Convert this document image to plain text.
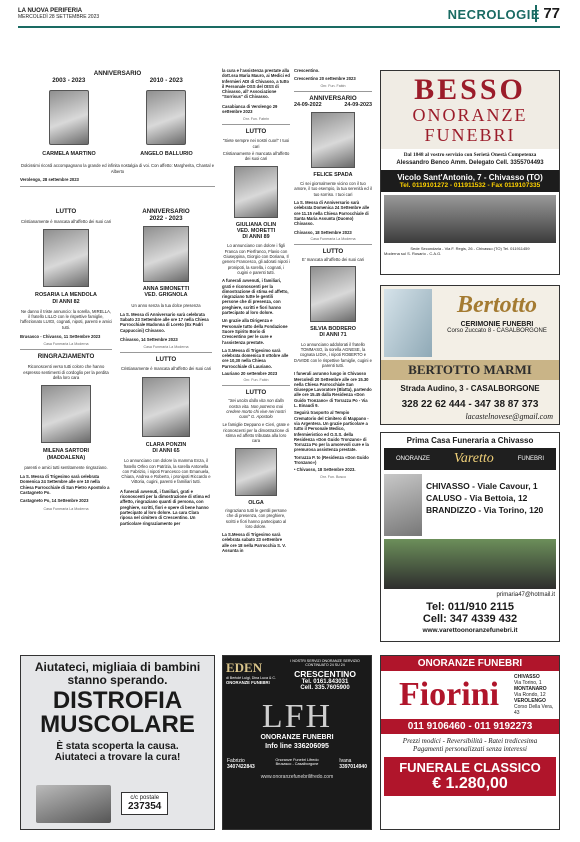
LA NUOVA PERIFERIA
MERCOLEDÌ 28 SETTEMBRE 2023	NECROLOGIE 77
ANNIVERSARIO
2003 - 2023	2010 - 2023
CARMELA MARTINO	ANGELO BALLURIO
Dolcissimi ricordi accompagnano la grande ed infinita nostalgia di voi. Con affetto: Margherita, Chantal e Alberto
Verolengo, 28 settembre 2023
LUTTO
Cristianamente è mancata all'affetto dei suoi cari
ROSARIA LA MENDOLA
DI ANNI 82
Ne danno il triste annuncio: la sorella, MIRELLA, il fratello LILLO con le rispettive famiglie, l'affezionato LUIGI, cognati, nipoti, parenti e amici tutti.
Brusasco - Chivasso, 11 Settembre 2023
Casa Funeraria La Moderna
RINGRAZIAMENTO
Riconoscenti verso tutti coloro che hanno espresso sentimenti di cordoglio per la perdita della loro cara
MILENA SARTORI
(MADDALENA)
parenti e amici tutti sentitamente ringraziano.
La S. Messa di Trigesimo sarà celebrata Domenica 24 Settembre alle ore 10 nella Chiesa Parrocchiale di San Pietro Apostolo a Castagneto Po.
Castagneto Po, 14 Settembre 2023
Casa Funeraria La Moderna
ANNIVERSARIO
2022 - 2023
ANNA SIMONETTI
VED. GRIGNOLA
Un anno senza la tua dolce presenza
La S. Messa di Anniversario sarà celebrata Sabato 23 Settembre alle ore 17 nella Chiesa Parrocchiale Madonna di Loreto (Ex Padri Cappuccini) Chivasso.
Chivasso, 14 Settembre 2023
Casa Funeraria La Moderna
LUTTO
Cristianamente è mancata all'affetto dei suoi cari
CLARA PONZIN
DI ANNI 65
Lo annunciano con dolore la mamma Enza, il fratello Orfeo con Patrizia, la sorella Antonella con Fabrizio, i nipoti Francesco con Emanuela, Chiara, Andrea e Roberto, i pronipoti Riccardo e Vittoria, cugini, parenti e familiari tutti.
A funerali avvenuti, i familiari, grati e riconoscenti per la dimostrazione di stima ed affetto, ringraziano quanti di persona, con preghiere, scritti, fiori e opere di bene hanno partecipato al loro dolore. La cara Clara riposa nel cimitero di Crescentino. Un particolare ringraziamento per
la cura e l'assistenza prestate alla dott.ssa Maria Mauro, ai Medici ed Infermieri ADI di Chivasso, a tutto il Personale OSS del OISS di Chivasso, all' Associazione "Sorrisus" di Chivasso.
Casabianca di Verolengo 29 settembre 2023
Onr. Fun. Fabrin
LUTTO
"Siete sempre nei nostri cuori" I tuoi cari
Cristianamente è mancata all'affetto dei suoi cari
GIULIANA OLIN
VED. MORETTI
DI ANNI 89
Lo annunciano con dolore i figli Franca con Pierfranco, Flavio con Giuseppina, Giorgio con Doriana, Il genero Francesco, gli adorati nipoti i pronipoti, la sorella, i cognati, i cugini e parenti tutti.
A funerali avvenuti, i familiari, grati e riconoscenti per la dimostrazione di stima ed affetto, ringraziano tutte le gentili persone che di presenza, con preghiere, scritti e fiori hanno partecipato al loro dolore.
Un grazie alla Dirigenza e Personale tutto della Fondazione Suore Spirito Borio di Crescentino per le cure e l'assistenza prestate.
La S.Messa di Trigesimo sarà celebrata domenica 8 ottobre alle ore 10,30 nella Chiesa Parrocchiale di Lauriano.
Lauriano 20 settembre 2023
Onr. Fun. Fabin
LUTTO
"Sei uscita dalla vita non dalla nostra vita. Non potremo mai credere morto chi vive nei nostri cuori" G. Apostolo
Le famiglie Deppano e Cieri, grate e riconoscenti per la dimostrazione di stima ed affetto tributata alla loro cara
OLGA
ringraziano tutti le gentili persone che di presenza, con preghiere, scritti e fiori hanno partecipato al loro dolore.
La S.Messa di Trigesimo sarà celebrata sabato 23 settembre alle ore 18 nella Parrocchia S. V. Assunta in
Crescentino.
Crescentino 20 settembre 2023
Onr. Fun. Fabin
ANNIVERSARIO
24-09-2022	24-09-2023
FELICE SPADA
Ci sei giornalmente vicino con il tuo amore, il tuo esempio, la tua serenità ed il tuo sorriso. I tuoi cari
La S. Messa di Anniversario sarà celebrata Domenica 24 Settembre alle ore 11.15 nella Chiesa Parrocchiale di Santa Maria Assunta (Duomo) Chivasso.
Chivasso, 18 Settembre 2023
Casa Funeraria La Moderna
LUTTO
E' mancata all'affetto dei suoi cari
SILVIA BODRERO
DI ANNI 71
Lo annunciano addolorati il fratello TOMMASO, la sorella AGNESE, la cognata LIDIA, i nipoti ROBERTO e DAVIDE con le rispettive famiglie, cugini e parenti tutti.
I funerali avranno luogo in Chivasso Mercoledì 20 Settembre alle ore 15.30 nella Chiesa Parrocchiale San Giuseppe Lavoratore (Blatta), partendo alle ore 15.45 dalla Residenza «Don Guido Tronzano» di Torrazza Po - Via L. Einaudi 9.
Seguirà trasporto al Tempio Crematorio del Cimitero di Mappano - via Argentera. Un grazie particolare a tutto il Personale Medico, Infermieristico ed O.S.S. della Residenza «Don Guido Tronzano» di Torrazza Po per la amorevoli cure e la premurosa assistenza prestate.
Torrazza P. to (Residenza «Don Guido Tronzano»)
• Chivasso, 18 Settembre 2023.
Onr. Fun. Bosco
BESSO
ONORANZE
FUNEBRI
Dal 1848 al vostro servizio con Serietà Onestà Competenza
Alessandro Benco Amm. Delegato Cell. 3355704493
Vicolo Sant'Antonio, 7 - Chivasso (TO)
Tel. 0119101272 - 011911532 - Fax 0119107335
Sede Secondaria - Via F. Regis, 26 - Chivasso (TO) Tel. 011911459
Moderna sul S. Rosario - C.A.G.
Bertotto
CERIMONIE FUNEBRI
Corso Zuccato 8 - CASALBORGONE
BERTOTTO MARMI
Strada Audino, 3 - CASALBORGONE
328 22 62 444 - 347 38 87 373
lacastelnovese@gmail.com
Prima Casa Funeraria a Chivasso
ONORANZE Varetto	FUNEBRI
CHIVASSO - Viale Cavour, 1
CALUSO - Via Bettoia, 12
BRANDIZZO - Via Torino, 120
primaria47@hotmail.it
Tel: 011/910 2115
Cell: 347 4339 432
www.varettoonoranzefunebri.it
Aiutateci, migliaia di bambini
stanno sperando.
DISTROFIA
MUSCOLARE
È stata scoperta la causa.
Aiutateci a trovare la cura!
c/c postale
237354
EDEN
di Bertolé Luigi, Dina Luca & C.
ONORANZE FUNEBRI
I NOSTRI SERVIZI ONORANZE SERVIZIO CONTINUATO 24 SU 24
CRESCENTINO
Tel. 0161.843031
Cell. 335.7605900
LFH
ONORANZE FUNEBRI
Info line 336206095
Fabrizio
3407422843
Onoranze Funebri Lifredo Brusasco - Casalborgone	Ivana
3397014940
www.onoranzefunebrilifredo.com
ONORANZE FUNEBRI
Fiorini	CHIVASSO
Via Torino, 1
MONTANARO
Via Rondo, 12
VEROLENGO
Corso Della Vera, 43
011 9106460 - 011 9192273
Prezzi modici - Reversibilità - Ratei tredicesima
Pagamenti personalizzati senza interessi
FUNERALE CLASSICO
€ 1.280,00
